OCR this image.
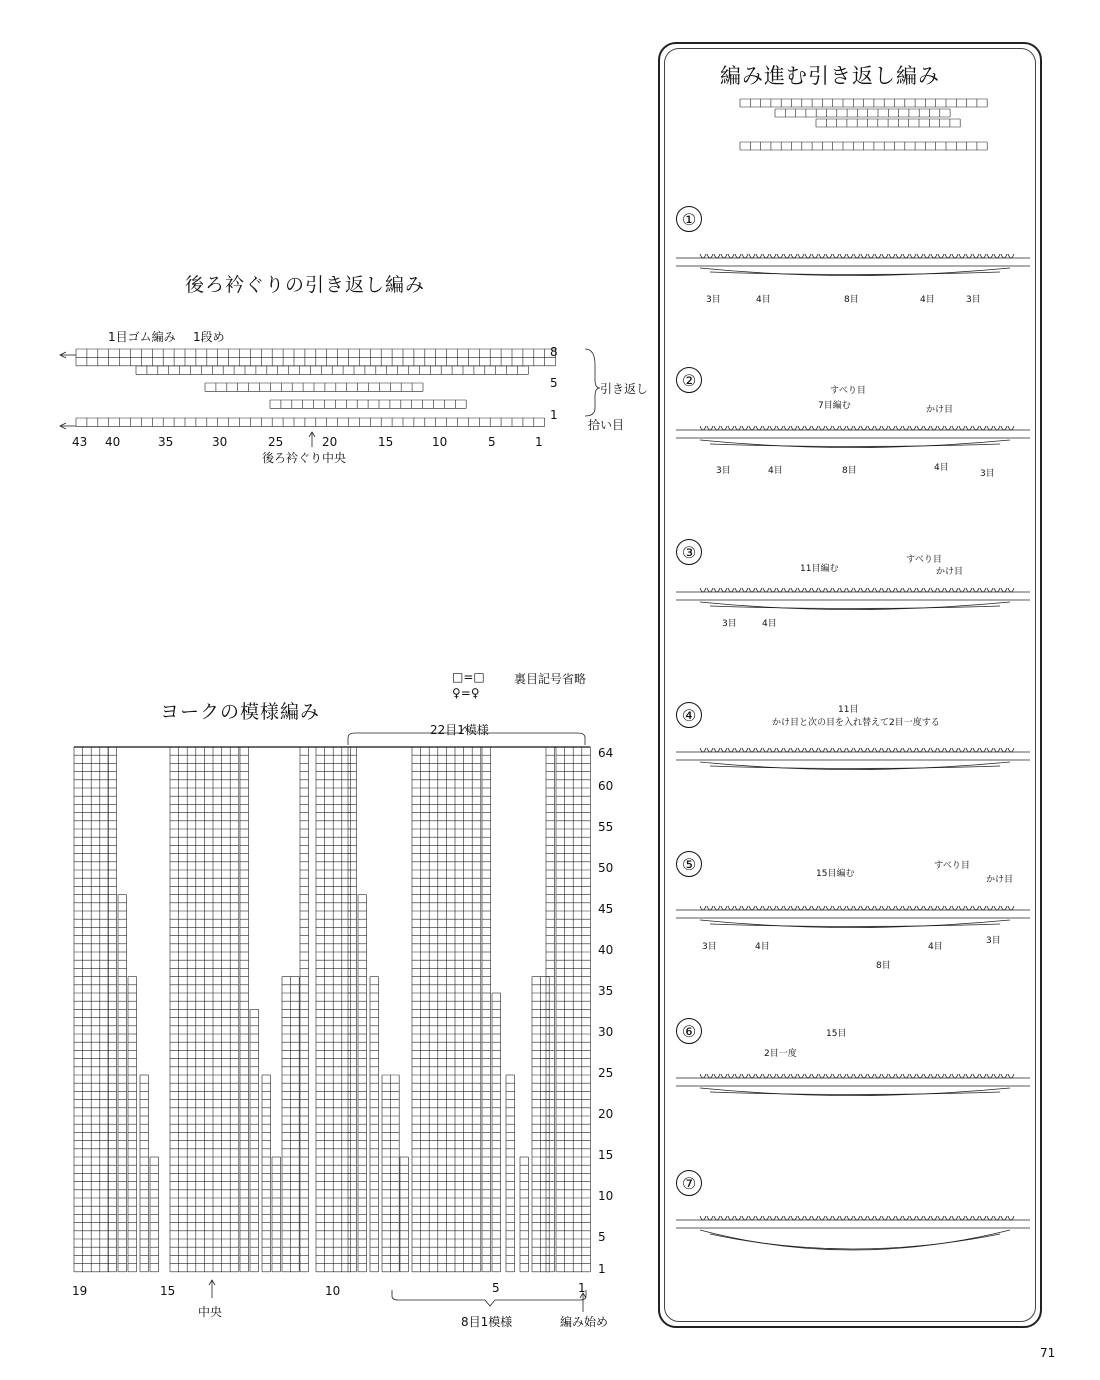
後ろ衿ぐりの引き返し編み
1目ゴム編み 1段め
引き返し
拾い目
8
5
1
43 40	35	30	25	20	15	10	5	1
後ろ衿ぐり中央
□=□
♀=♀
裏目記号省略
ヨークの模様編み
22目1模様
64
60
55
50
45
40
35
30
25
20
15
10
5
1
19	15	10	5	1
中央
8目1模様	編み始め
編み進む引き返し編み
①
②
③
④
⑤
⑥
⑦
3目	4目	8目	4目	3目
すべり目
7目編む	かけ目
3目	4目	8目	4目
3目
11目編む
すべり目
かけ目
3目	4目
11目
かけ目と次の目を入れ替えて2目一度する
15目編む
すべり目
かけ目
3目	4目	4目
3目
8目
15目
2目一度
71
